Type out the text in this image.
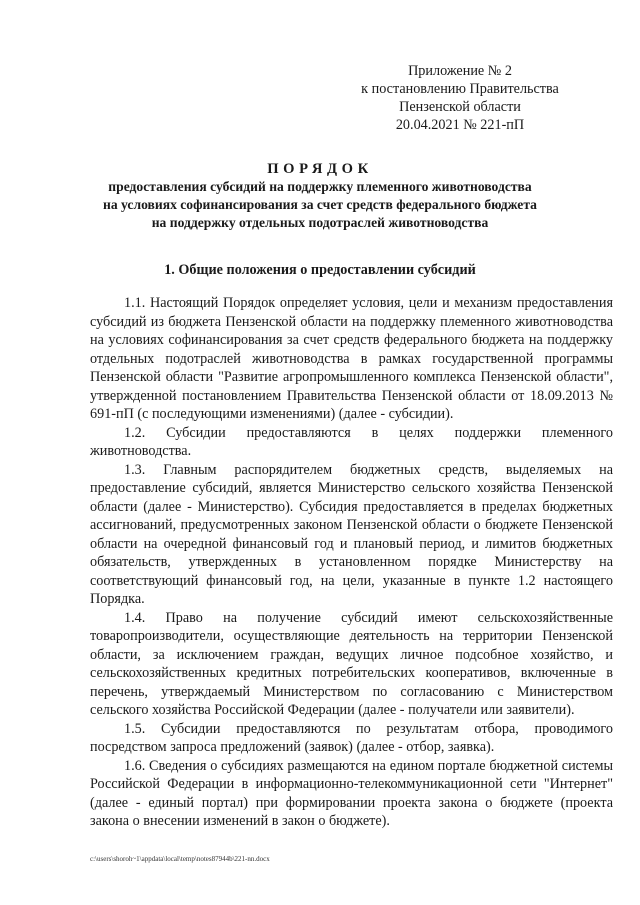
Приложение № 2
к постановлению Правительства
Пензенской области
20.04.2021 № 221-пП
ПОРЯДОК
предоставления субсидий на поддержку племенного животноводства
на условиях софинансирования за счет средств федерального бюджета
на поддержку отдельных подотраслей животноводства
1. Общие положения о предоставлении субсидий

1.1. Настоящий Порядок определяет условия, цели и механизм предоставления субсидий из бюджета Пензенской области на поддержку племенного животноводства на условиях софинансирования за счет средств федерального бюджета на поддержку отдельных подотраслей животноводства в рамках государственной программы Пензенской области "Развитие агропромышленного комплекса Пензенской области", утвержденной постановлением Правительства Пензенской области от 18.09.2013 № 691-пП (с последующими изменениями) (далее - субсидии).

1.2. Субсидии предоставляются в целях поддержки племенного животноводства.

1.3. Главным распорядителем бюджетных средств, выделяемых на предоставление субсидий, является Министерство сельского хозяйства Пензенской области (далее - Министерство). Субсидия предоставляется в пределах бюджетных ассигнований, предусмотренных законом Пензенской области о бюджете Пензенской области на очередной финансовый год и плановый период, и лимитов бюджетных обязательств, утвержденных в установленном порядке Министерству на соответствующий финансовый год, на цели, указанные в пункте 1.2 настоящего Порядка.

1.4. Право на получение субсидий имеют сельскохозяйственные товаропроизводители, осуществляющие деятельность на территории Пензенской области, за исключением граждан, ведущих личное подсобное хозяйство, и сельскохозяйственных кредитных потребительских кооперативов, включенные в перечень, утверждаемый Министерством по согласованию с Министерством сельского хозяйства Российской Федерации (далее - получатели или заявители).

1.5. Субсидии предоставляются по результатам отбора, проводимого посредством запроса предложений (заявок) (далее - отбор, заявка).

1.6. Сведения о субсидиях размещаются на едином портале бюджетной системы Российской Федерации в информационно-телекоммуникационной сети "Интернет" (далее - единый портал) при формировании проекта закона о бюджете (проекта закона о внесении изменений в закон о бюджете).

c:\users\shoroh~1\appdata\local\temp\notes87944b\221-nn.docx
